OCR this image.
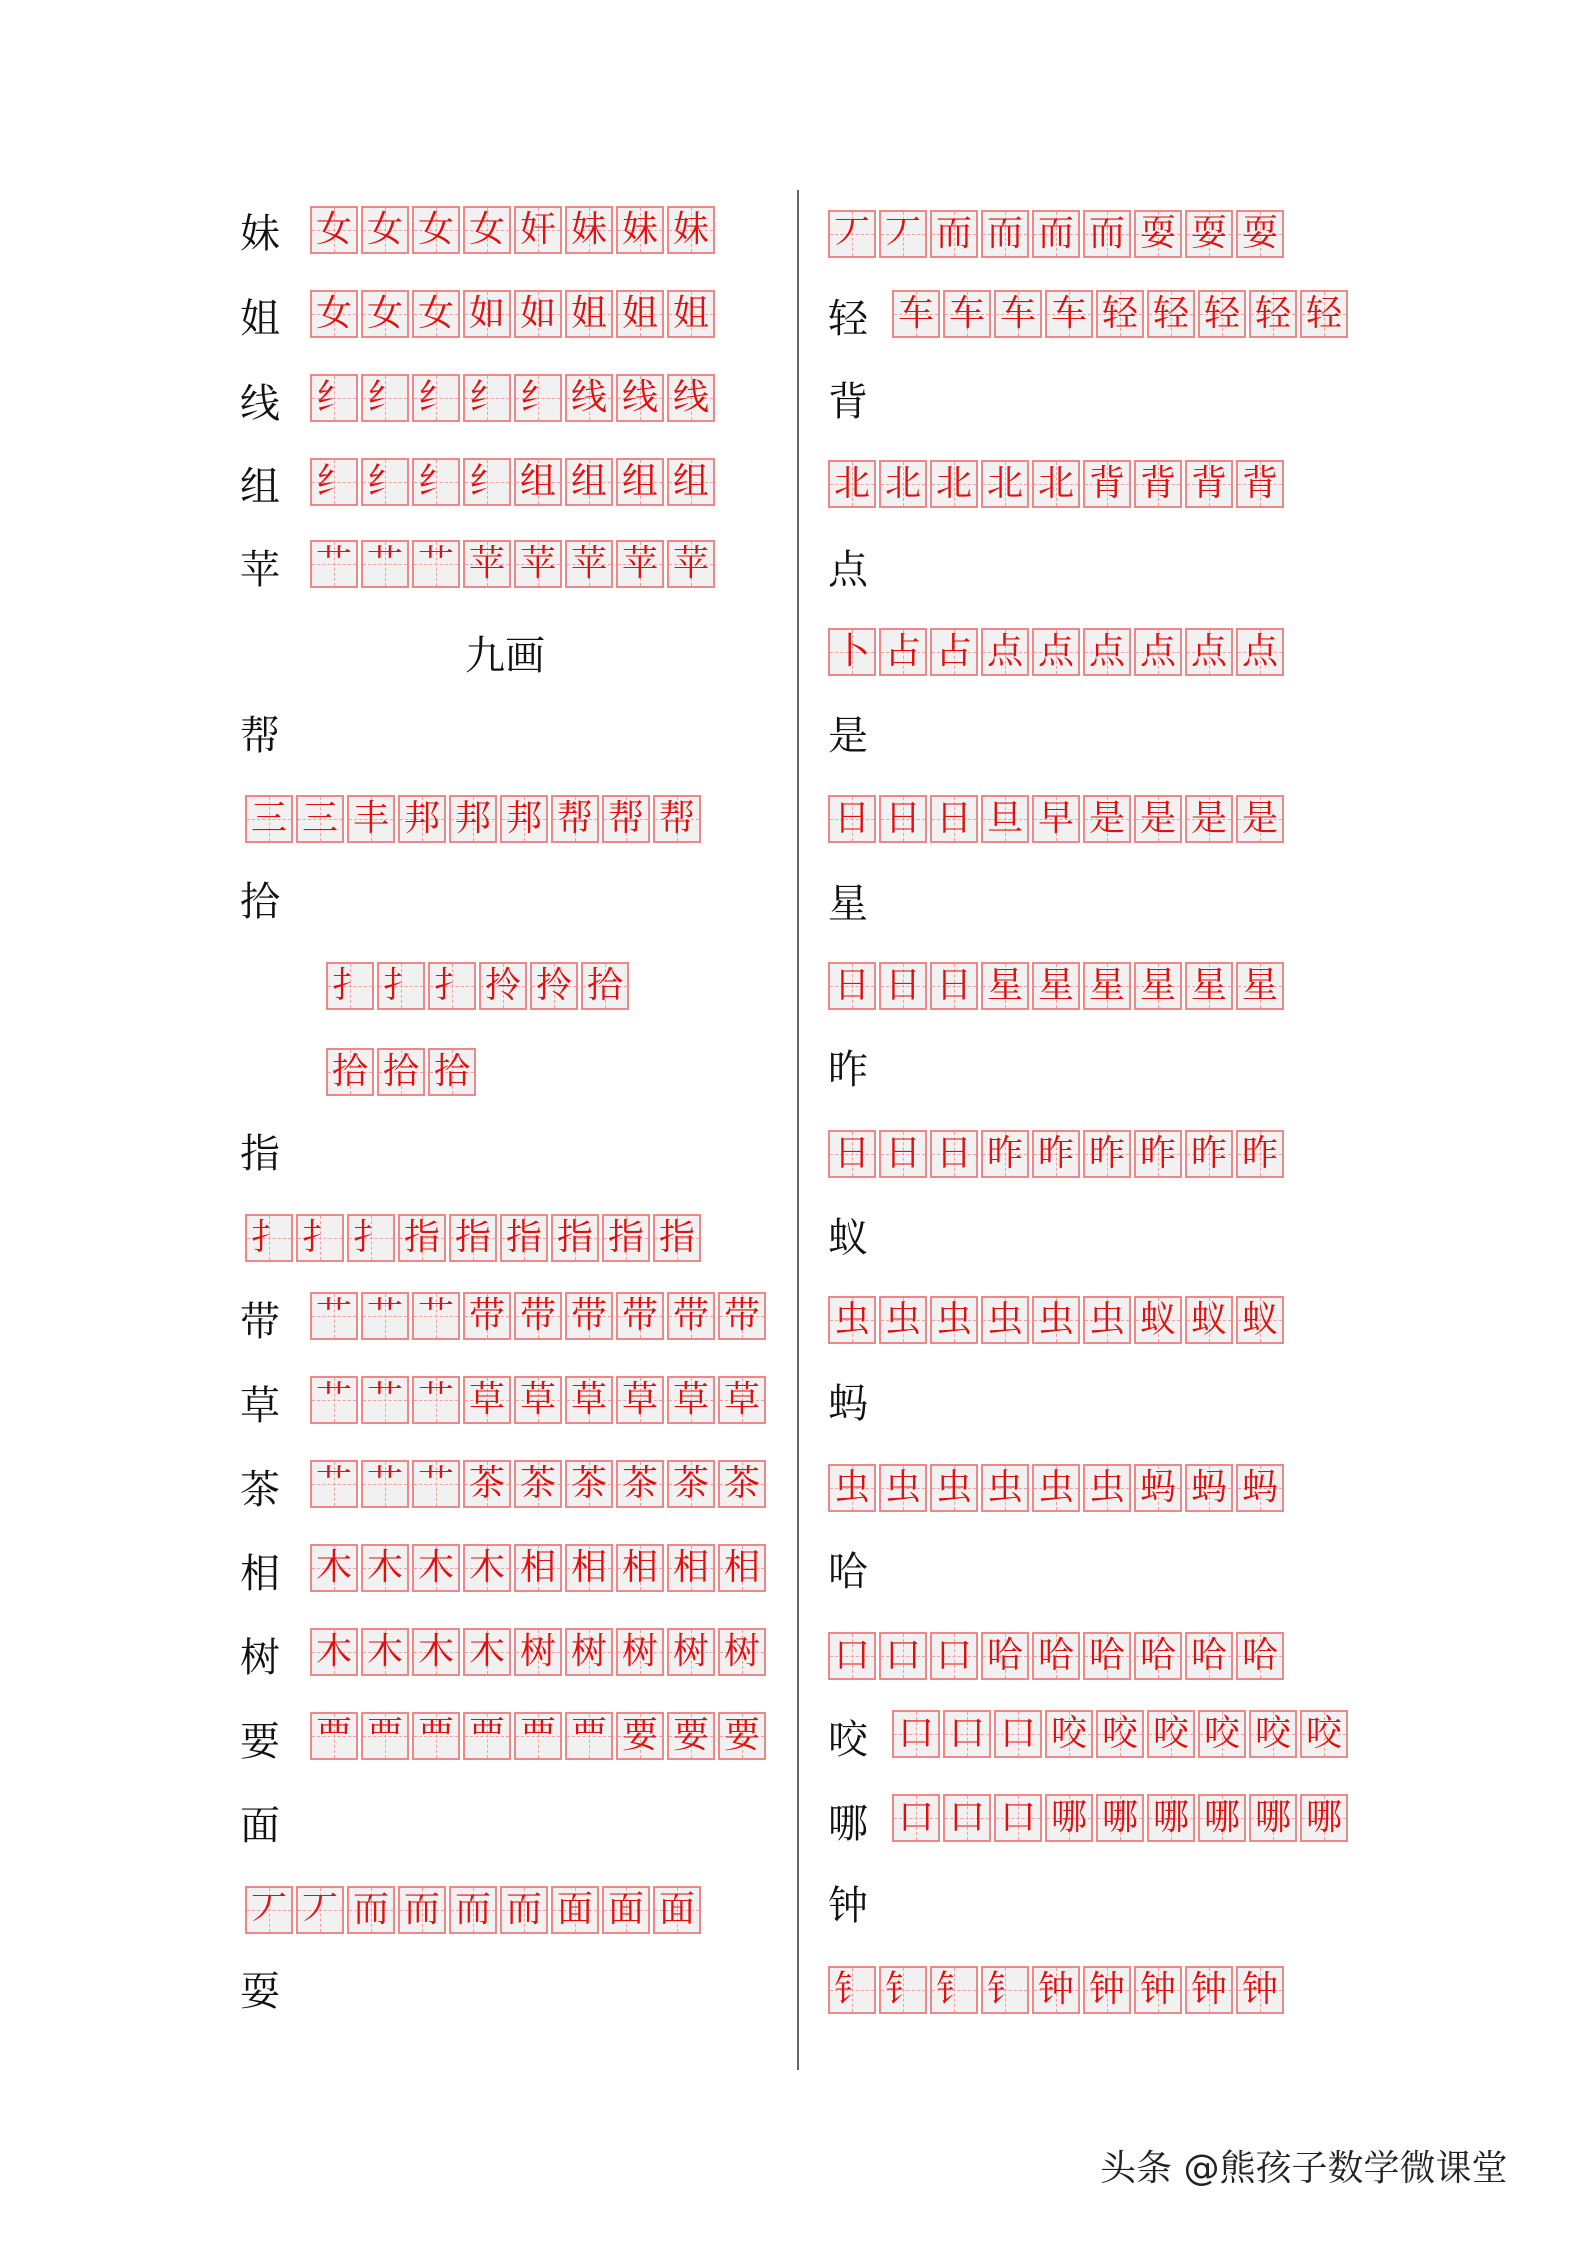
九画
妹 女 女 女 女 奸 妹 妹 妹
姐 女 女 女 如 如 姐 姐 姐
线 纟 纟 纟 纟 纟 线 线 线
组 纟 纟 纟 纟 组 组 组 组
苹 艹 艹 艹 苹 苹 苹 苹 苹
帮
三 三 丰 邦 邦 邦 帮 帮 帮
拾
扌 扌 扌 拎 拎 拾
拾 拾 拾
指
扌 扌 扌 指 指 指 指 指 指
带 艹 艹 艹 带 带 带 带 带 带
草 艹 艹 艹 草 草 草 草 草 草
茶 艹 艹 艹 茶 茶 茶 茶 茶 茶
相 木 木 木 木 相 相 相 相 相
树 木 木 木 木 树 树 树 树 树
要 覀 覀 覀 覀 覀 覀 要 要 要
面
丆 丆 而 而 而 而 面 面 面
耍
丆 丆 而 而 而 而 耍 耍 耍
轻 车 车 车 车 轻 轻 轻 轻 轻
背
北 北 北 北 北 背 背 背 背
点
卜 占 占 点 点 点 点 点 点
是
日 日 日 旦 早 是 是 是 是
星
日 日 日 星 星 星 星 星 星
昨
日 日 日 昨 昨 昨 昨 昨 昨
蚁
虫 虫 虫 虫 虫 虫 蚁 蚁 蚁
蚂
虫 虫 虫 虫 虫 虫 蚂 蚂 蚂
哈
口 口 口 哈 哈 哈 哈 哈 哈
咬 口 口 口 咬 咬 咬 咬 咬 咬
哪 口 口 口 哪 哪 哪 哪 哪 哪
钟
钅 钅 钅 钅 钟 钟 钟 钟 钟
头条 @熊孩子数学微课堂
